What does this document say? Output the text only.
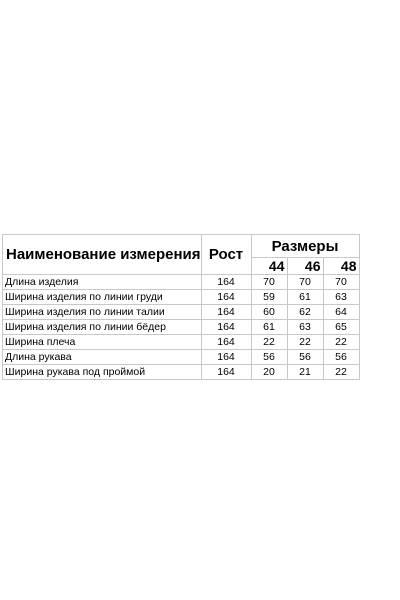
Наименование измерения	Рост	Размеры		
		44	46	48
Длина изделия	164	70	70	70
Ширина изделия по линии груди	164	59	61	63
Ширина изделия по линии талии	164	60	62	64
Ширина изделия по линии бёдер	164	61	63	65
Ширина плеча	164	22	22	22
Длина рукава	164	56	56	56
Ширина рукава под проймой	164	20	21	22
